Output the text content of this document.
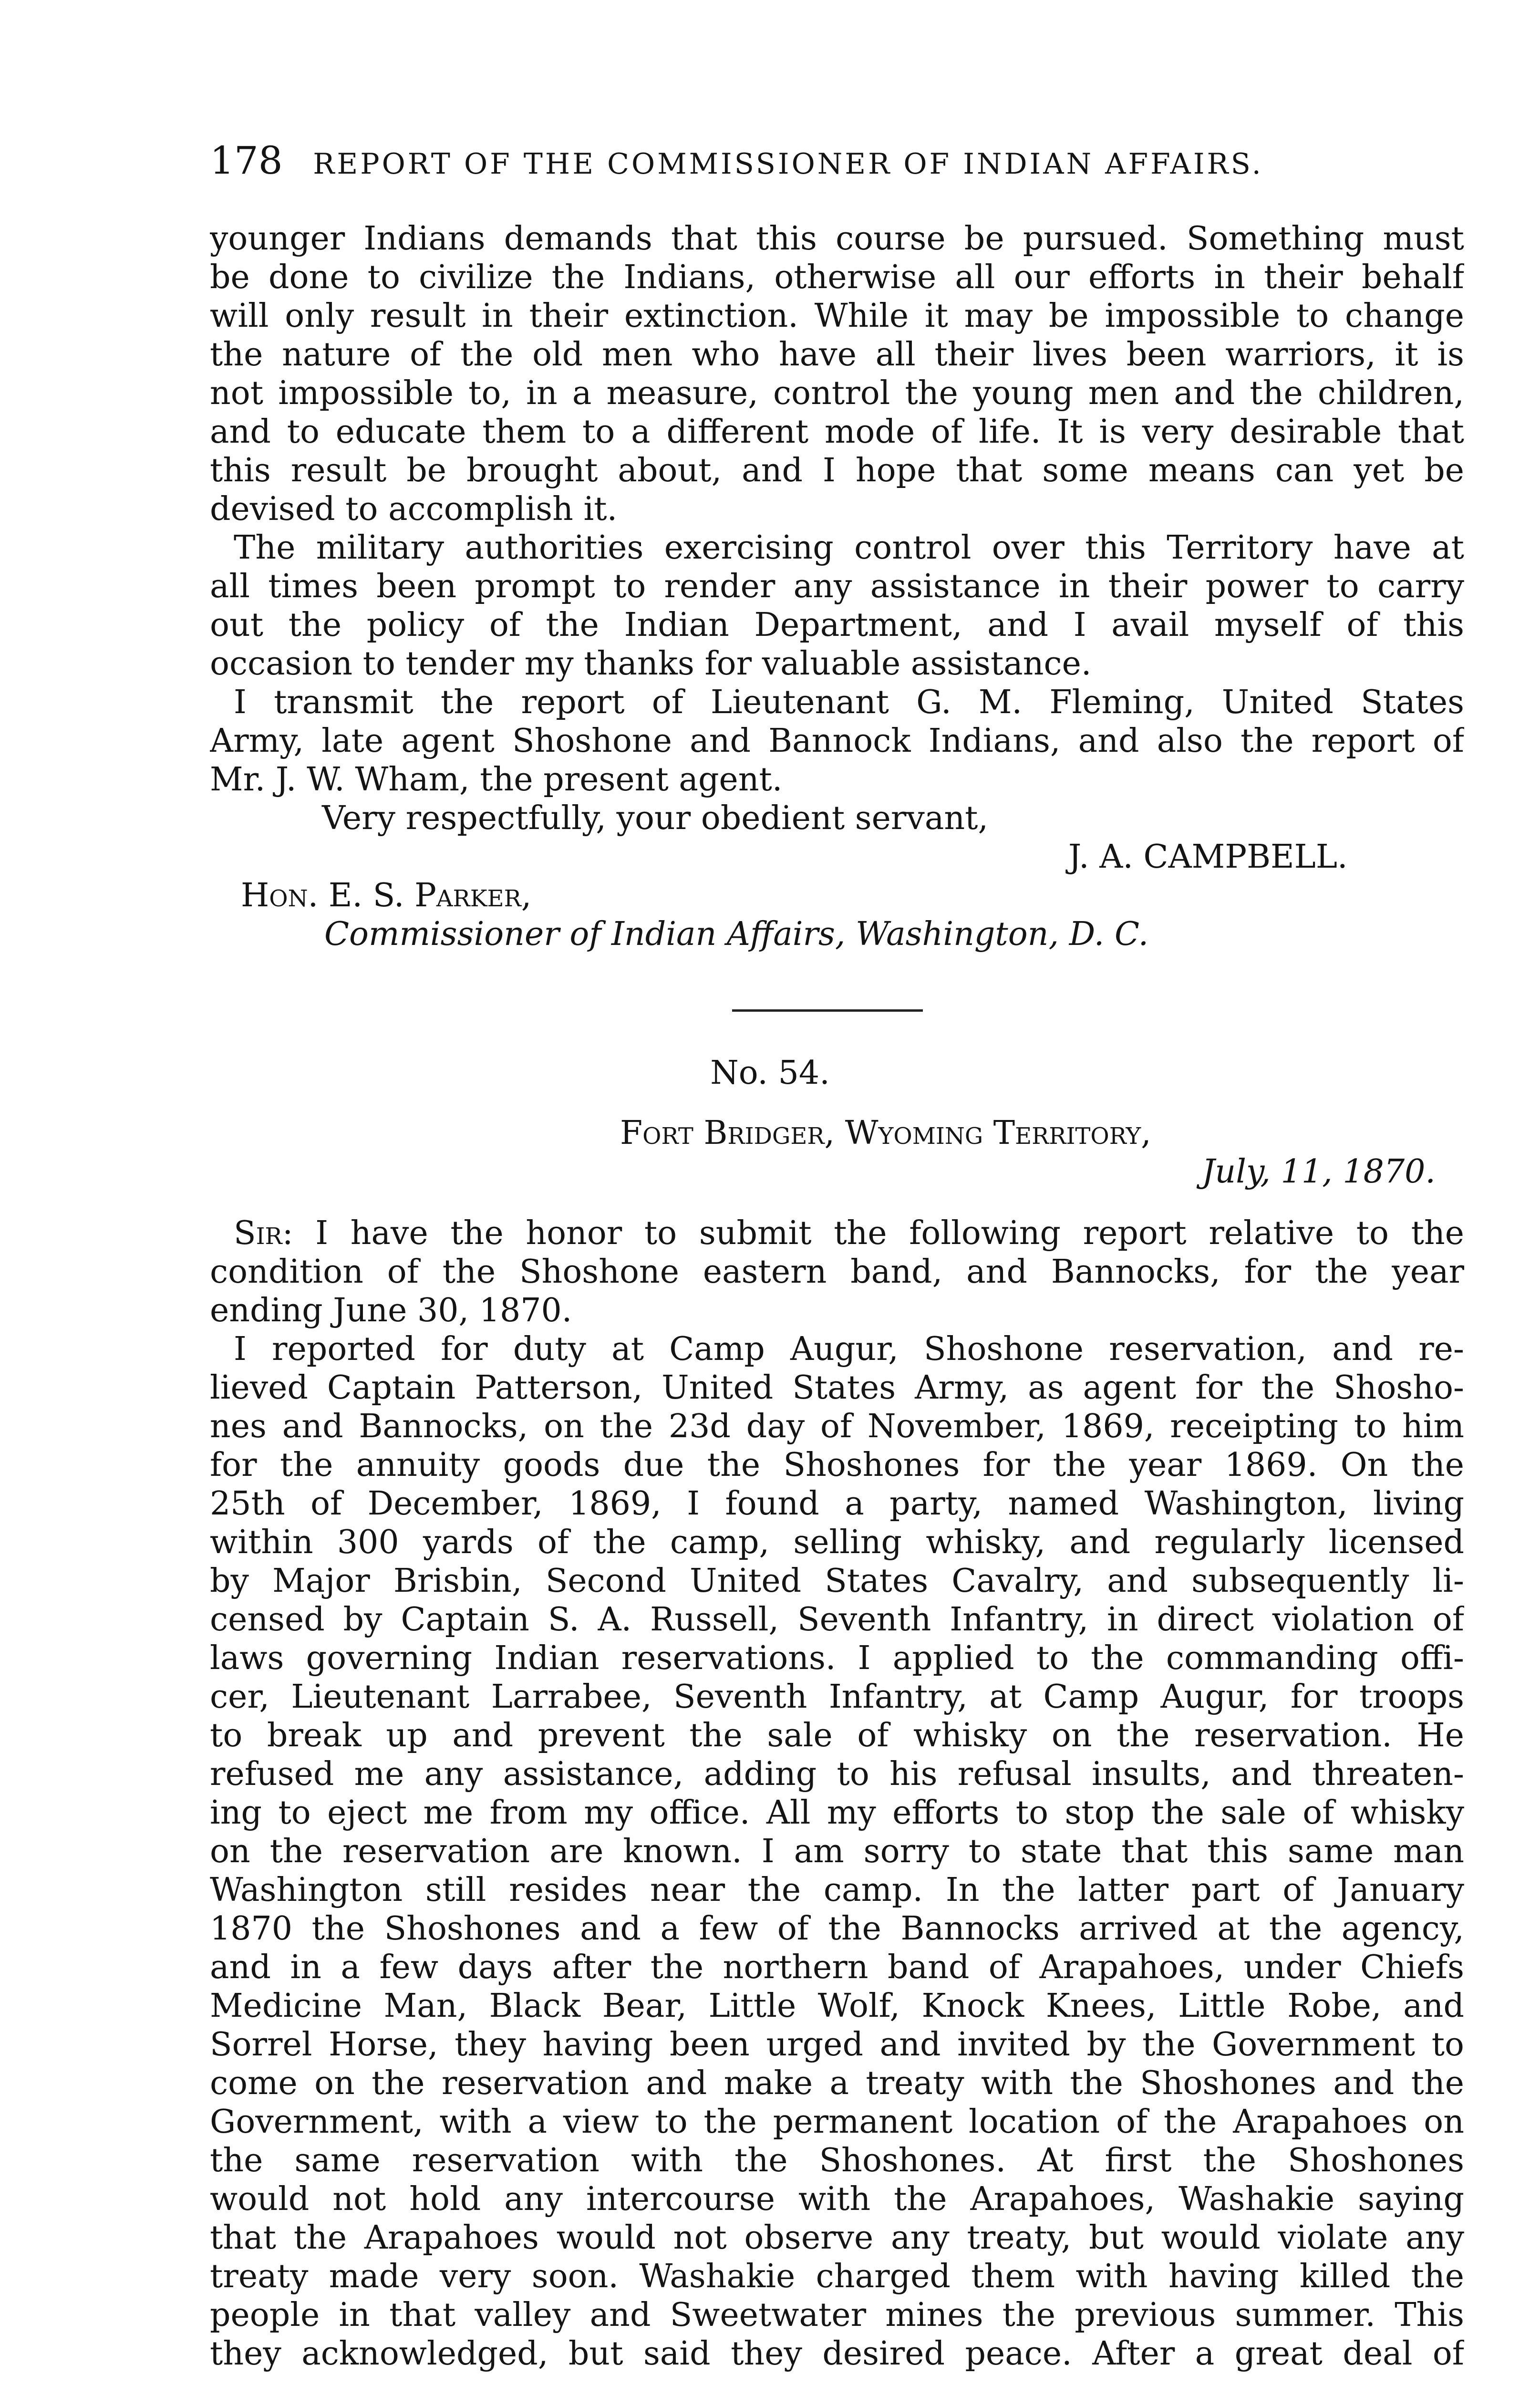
178 REPORT OF THE COMMISSIONER OF INDIAN AFFAIRS.
younger Indians demands that this course be pursued. Something must
be done to civilize the Indians, otherwise all our efforts in their behalf
will only result in their extinction. While it may be impossible to change
the nature of the old men who have all their lives been warriors, it is
not impossible to, in a measure, control the young men and the children,
and to educate them to a different mode of life. It is very desirable that
this result be brought about, and I hope that some means can yet be
devised to accomplish it.
The military authorities exercising control over this Territory have at
all times been prompt to render any assistance in their power to carry
out the policy of the Indian Department, and I avail myself of this
occasion to tender my thanks for valuable assistance.
I transmit the report of Lieutenant G. M. Fleming, United States
Army, late agent Shoshone and Bannock Indians, and also the report of
Mr. J. W. Wham, the present agent.
Very respectfully, your obedient servant,
J. A. CAMPBELL.
Hon. E. S. Parker,
Commissioner of Indian Affairs, Washington, D. C.
No. 54.
Fort Bridger, Wyoming Territory,
July, 11, 1870.
Sir: I have the honor to submit the following report relative to the
condition of the Shoshone eastern band, and Bannocks, for the year
ending June 30, 1870.
I reported for duty at Camp Augur, Shoshone reservation, and re-
lieved Captain Patterson, United States Army, as agent for the Shosho-
nes and Bannocks, on the 23d day of November, 1869, receipting to him
for the annuity goods due the Shoshones for the year 1869. On the
25th of December, 1869, I found a party, named Washington, living
within 300 yards of the camp, selling whisky, and regularly licensed
by Major Brisbin, Second United States Cavalry, and subsequently li-
censed by Captain S. A. Russell, Seventh Infantry, in direct violation of
laws governing Indian reservations. I applied to the commanding offi-
cer, Lieutenant Larrabee, Seventh Infantry, at Camp Augur, for troops
to break up and prevent the sale of whisky on the reservation. He
refused me any assistance, adding to his refusal insults, and threaten-
ing to eject me from my office. All my efforts to stop the sale of whisky
on the reservation are known. I am sorry to state that this same man
Washington still resides near the camp. In the latter part of January
1870 the Shoshones and a few of the Bannocks arrived at the agency,
and in a few days after the northern band of Arapahoes, under Chiefs
Medicine Man, Black Bear, Little Wolf, Knock Knees, Little Robe, and
Sorrel Horse, they having been urged and invited by the Government to
come on the reservation and make a treaty with the Shoshones and the
Government, with a view to the permanent location of the Arapahoes on
the same reservation with the Shoshones. At first the Shoshones
would not hold any intercourse with the Arapahoes, Washakie saying
that the Arapahoes would not observe any treaty, but would violate any
treaty made very soon. Washakie charged them with having killed the
people in that valley and Sweetwater mines the previous summer. This
they acknowledged, but said they desired peace. After a great deal of
